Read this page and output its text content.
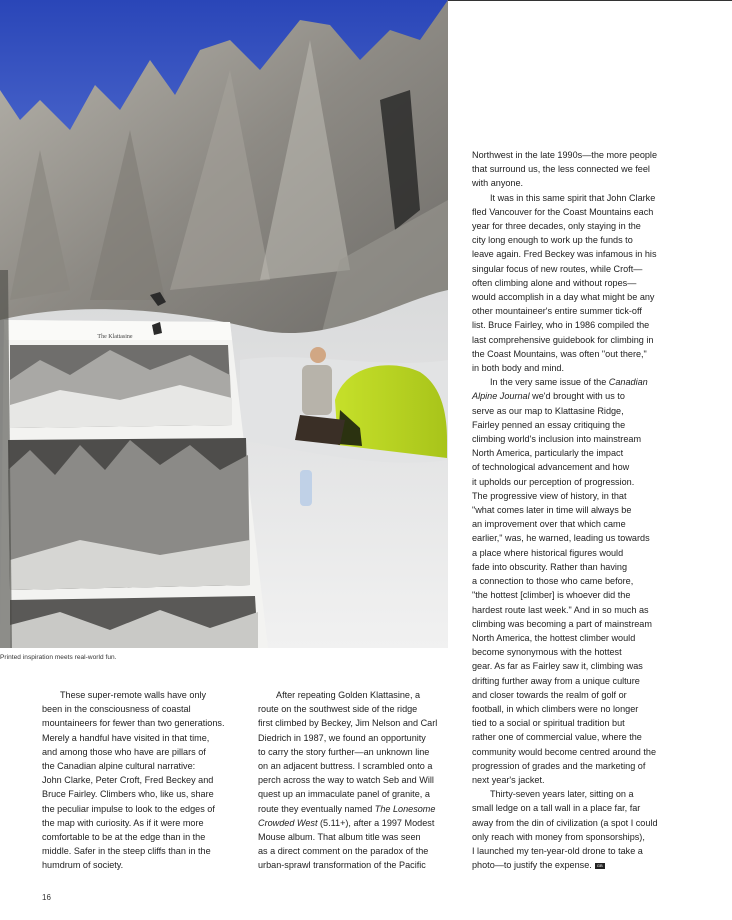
The Klattasine
Printed inspiration meets real-world fun.

These super-remote walls have only
been in the consciousness of coastal
mountaineers for fewer than two generations.
Merely a handful have visited in that time,
and among those who have are pillars of
the Canadian alpine cultural narrative:
John Clarke, Peter Croft, Fred Beckey and
Bruce Fairley. Climbers who, like us, share
the peculiar impulse to look to the edges of
the map with curiosity. As if it were more
comfortable to be at the edge than in the
middle. Safer in the steep cliffs than in the
humdrum of society.

After repeating Golden Klattasine, a
route on the southwest side of the ridge
first climbed by Beckey, Jim Nelson and Carl
Diedrich in 1987, we found an opportunity
to carry the story further—an unknown line
on an adjacent buttress. I scrambled onto a
perch across the way to watch Seb and Will
quest up an immaculate panel of granite, a
route they eventually named The Lonesome
Crowded West (5.11+), after a 1997 Modest
Mouse album. That album title was seen
as a direct comment on the paradox of the
urban-sprawl transformation of the Pacific

Northwest in the late 1990s—the more people
that surround us, the less connected we feel
with anyone.

It was in this same spirit that John Clarke
fled Vancouver for the Coast Mountains each
year for three decades, only staying in the
city long enough to work up the funds to
leave again. Fred Beckey was infamous in his
singular focus of new routes, while Croft—
often climbing alone and without ropes—
would accomplish in a day what might be any
other mountaineer's entire summer tick-off
list. Bruce Fairley, who in 1986 compiled the
last comprehensive guidebook for climbing in
the Coast Mountains, was often "out there,"
in both body and mind.

In the very same issue of the Canadian
Alpine Journal we'd brought with us to
serve as our map to Klattasine Ridge,
Fairley penned an essay critiquing the
climbing world's inclusion into mainstream
North America, particularly the impact
of technological advancement and how
it upholds our perception of progression.
The progressive view of history, in that
"what comes later in time will always be
an improvement over that which came
earlier," was, he warned, leading us towards
a place where historical figures would
fade into obscurity. Rather than having
a connection to those who came before,
"the hottest [climber] is whoever did the
hardest route last week." And in so much as
climbing was becoming a part of mainstream
North America, the hottest climber would
become synonymous with the hottest
gear. As far as Fairley saw it, climbing was
drifting further away from a unique culture
and closer towards the realm of golf or
football, in which climbers were no longer
tied to a social or spiritual tradition but
rather one of commercial value, where the
community would become centred around the
progression of grades and the marketing of
next year's jacket.

Thirty-seven years later, sitting on a
small ledge on a tall wall in a place far, far
away from the din of civilization (a spot I could
only reach with money from sponsorships),
I launched my ten-year-old drone to take a
photo—to justify the expense. GB

16
